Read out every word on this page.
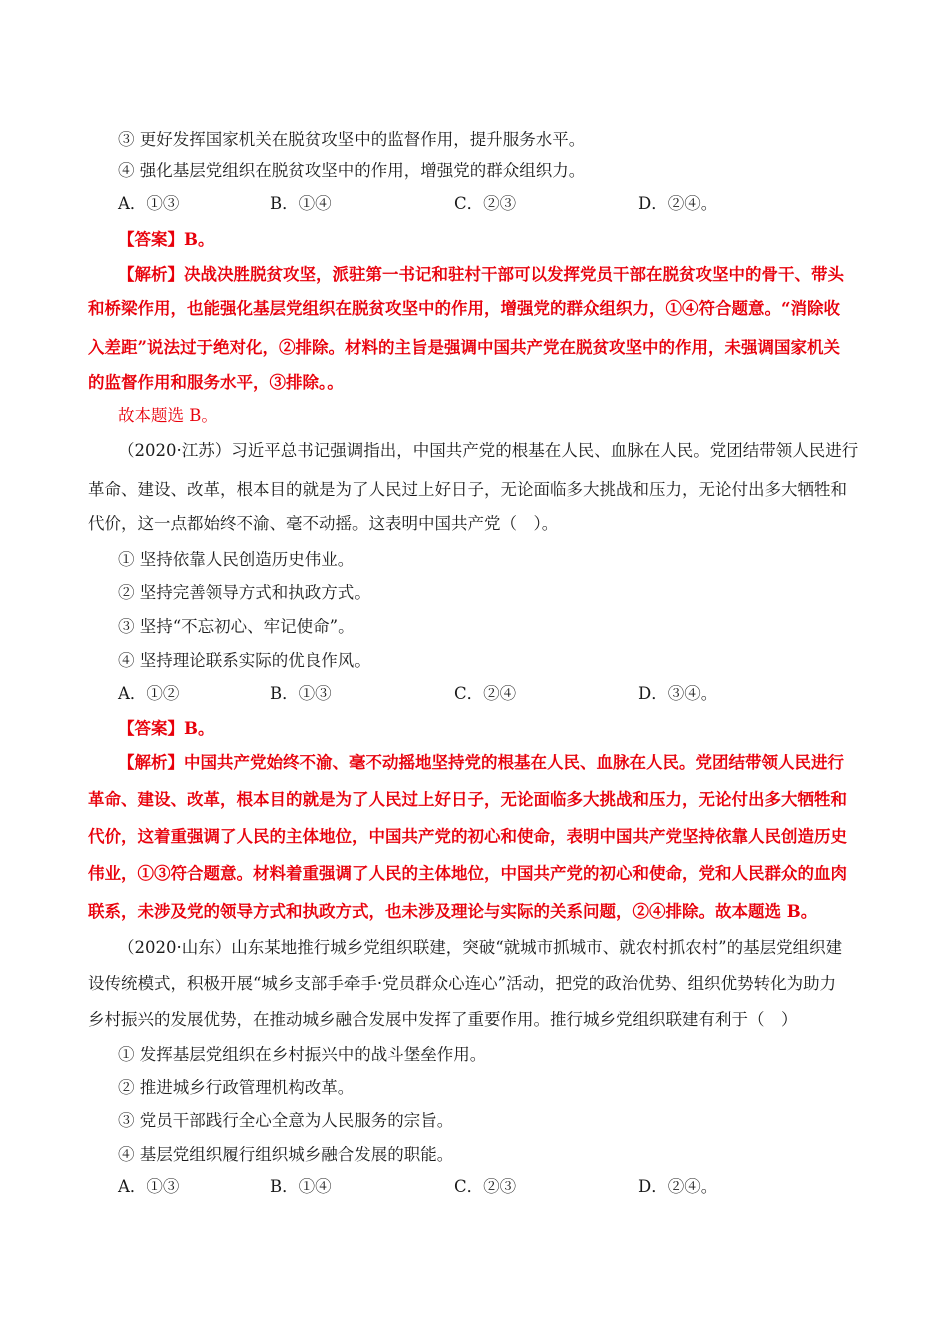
③ 更好发挥国家机关在脱贫攻坚中的监督作用，提升服务水平。
④ 强化基层党组织在脱贫攻坚中的作用，增强党的群众组织力。
A．①③	B．①④	C．②③	D．②④。
【答案】B。
【解析】决战决胜脱贫攻坚，派驻第一书记和驻村干部可以发挥党员干部在脱贫攻坚中的骨干、带头
和桥梁作用，也能强化基层党组织在脱贫攻坚中的作用，增强党的群众组织力，①④符合题意。“消除收
入差距”说法过于绝对化，②排除。材料的主旨是强调中国共产党在脱贫攻坚中的作用，未强调国家机关
的监督作用和服务水平，③排除。。
故本题选 B。
（2020·江苏）习近平总书记强调指出，中国共产党的根基在人民、血脉在人民。党团结带领人民进行
革命、建设、改革，根本目的就是为了人民过上好日子，无论面临多大挑战和压力，无论付出多大牺牲和
代价，这一点都始终不渝、毫不动摇。这表明中国共产党（　）。
① 坚持依靠人民创造历史伟业。
② 坚持完善领导方式和执政方式。
③ 坚持“不忘初心、牢记使命”。
④ 坚持理论联系实际的优良作风。
A．①②	B．①③	C．②④	D．③④。
【答案】B。
【解析】中国共产党始终不渝、毫不动摇地坚持党的根基在人民、血脉在人民。党团结带领人民进行
革命、建设、改革，根本目的就是为了人民过上好日子，无论面临多大挑战和压力，无论付出多大牺牲和
代价，这着重强调了人民的主体地位，中国共产党的初心和使命，表明中国共产党坚持依靠人民创造历史
伟业，①③符合题意。材料着重强调了人民的主体地位，中国共产党的初心和使命，党和人民群众的血肉
联系，未涉及党的领导方式和执政方式，也未涉及理论与实际的关系问题，②④排除。故本题选 B。
（2020·山东）山东某地推行城乡党组织联建，突破“就城市抓城市、就农村抓农村”的基层党组织建
设传统模式，积极开展“城乡支部手牵手·党员群众心连心”活动，把党的政治优势、组织优势转化为助力
乡村振兴的发展优势，在推动城乡融合发展中发挥了重要作用。推行城乡党组织联建有利于（　）
① 发挥基层党组织在乡村振兴中的战斗堡垒作用。
② 推进城乡行政管理机构改革。
③ 党员干部践行全心全意为人民服务的宗旨。
④ 基层党组织履行组织城乡融合发展的职能。
A．①③	B．①④	C．②③	D．②④。
